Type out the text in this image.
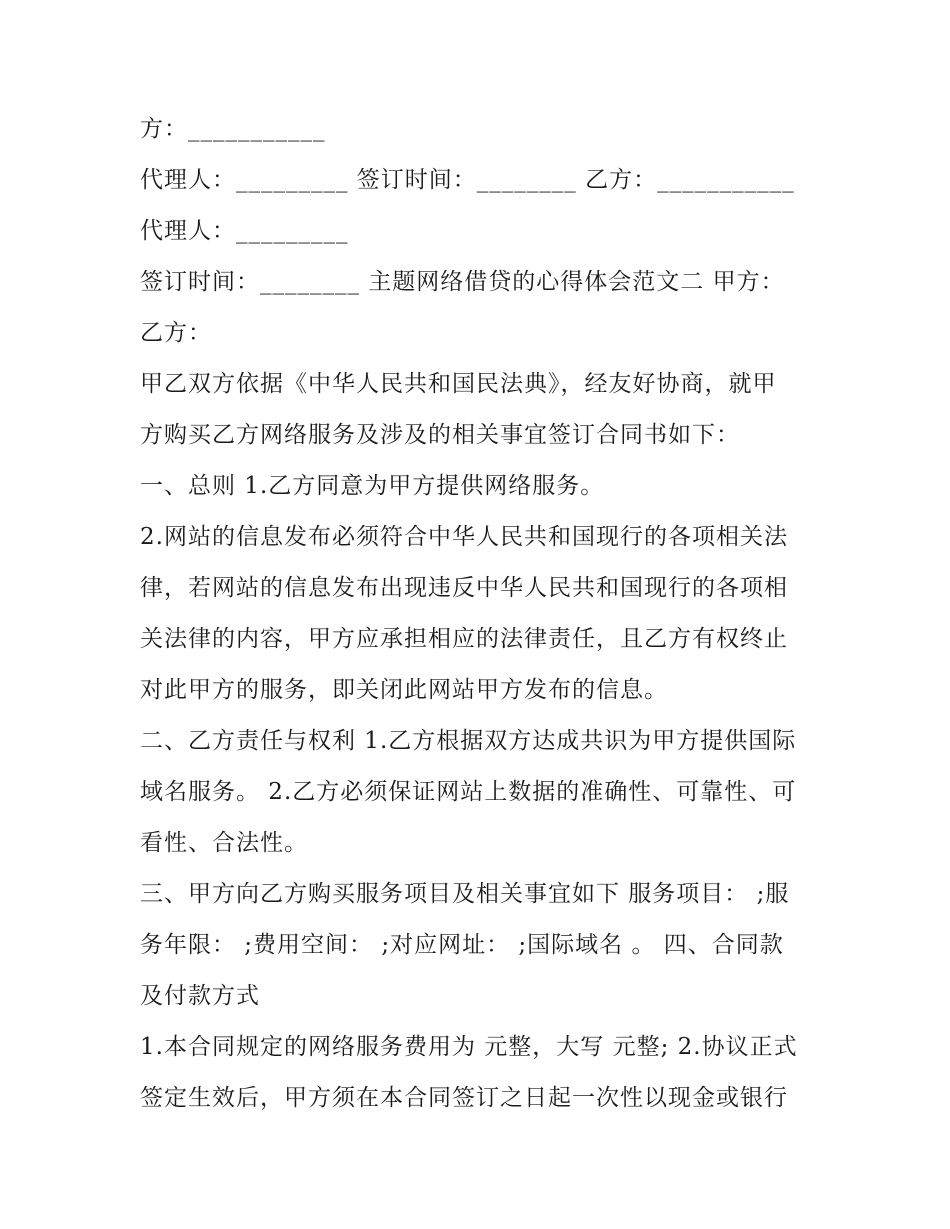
方：___________
代理人：_________ 签订时间：________ 乙方：___________
代理人：_________
签订时间：________ 主题网络借贷的心得体会范文二 甲方：
乙方：
甲乙双方依据《中华人民共和国民法典》，经友好协商，就甲
方购买乙方网络服务及涉及的相关事宜签订合同书如下：
一、总则 1.乙方同意为甲方提供网络服务。
2.网站的信息发布必须符合中华人民共和国现行的各项相关法
律，若网站的信息发布出现违反中华人民共和国现行的各项相
关法律的内容，甲方应承担相应的法律责任，且乙方有权终止
对此甲方的服务，即关闭此网站甲方发布的信息。
二、乙方责任与权利 1.乙方根据双方达成共识为甲方提供国际
域名服务。 2.乙方必须保证网站上数据的准确性、可靠性、可
看性、合法性。
三、甲方向乙方购买服务项目及相关事宜如下 服务项目： ;服
务年限： ;费用空间： ;对应网址： ;国际域名 。 四、合同款
及付款方式
1.本合同规定的网络服务费用为 元整，大写 元整; 2.协议正式
签定生效后，甲方须在本合同签订之日起一次性以现金或银行
